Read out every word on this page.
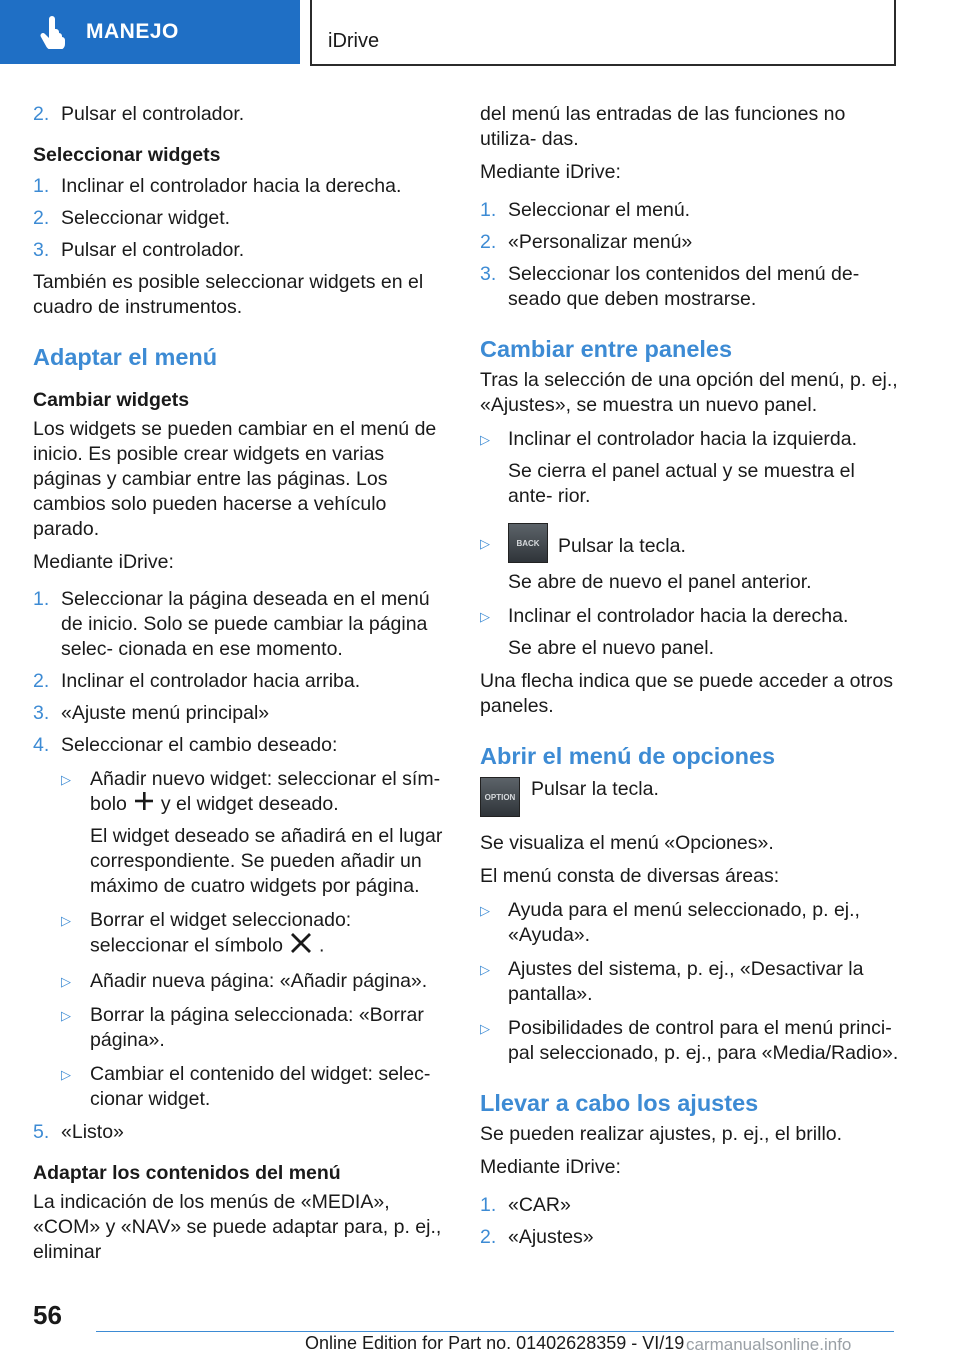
MANEJO	iDrive
2. Pulsar el controlador.
Seleccionar widgets
1. Inclinar el controlador hacia la derecha.
2. Seleccionar widget.
3. Pulsar el controlador.

También es posible seleccionar widgets en el cuadro de instrumentos.

Adaptar el menú
Cambiar widgets

Los widgets se pueden cambiar en el menú de inicio. Es posible crear widgets en varias páginas y cambiar entre las páginas. Los cambios solo pueden hacerse a vehículo parado.

Mediante iDrive:

1. Seleccionar la página deseada en el menú de inicio. Solo se puede cambiar la página selec‐ cionada en ese momento.
2. Inclinar el controlador hacia arriba.
3. «Ajuste menú principal»
4. Seleccionar el cambio deseado:
▷ Añadir nuevo widget: seleccionar el sím‐ bolo y el widget deseado.
El widget deseado se añadirá en el lugar correspondiente. Se pueden añadir un máximo de cuatro widgets por página.
▷ Borrar el widget seleccionado: seleccionar el símbolo .
▷ Añadir nueva página: «Añadir página».
▷ Borrar la página seleccionada: «Borrar página».
▷ Cambiar el contenido del widget: selec‐ cionar widget.
5. «Listo»
Adaptar los contenidos del menú

La indicación de los menús de «MEDIA», «COM» y «NAV» se puede adaptar para, p. ej., eliminar

del menú las entradas de las funciones no utiliza‐ das.

Mediante iDrive:

1. Seleccionar el menú.
2. «Personalizar menú»
3. Seleccionar los contenidos del menú de‐ seado que deben mostrarse.
Cambiar entre paneles

Tras la selección de una opción del menú, p. ej., «Ajustes», se muestra un nuevo panel.

▷ Inclinar el controlador hacia la izquierda.
Se cierra el panel actual y se muestra el ante‐ rior.
▷	BACK Pulsar la tecla.
Se abre de nuevo el panel anterior.
▷ Inclinar el controlador hacia la derecha.
Se abre el nuevo panel.

Una flecha indica que se puede acceder a otros paneles.

Abrir el menú de opciones
OPTION Pulsar la tecla.

Se visualiza el menú «Opciones».

El menú consta de diversas áreas:

▷ Ayuda para el menú seleccionado, p. ej., «Ayuda».
▷ Ajustes del sistema, p. ej., «Desactivar la pantalla».
▷ Posibilidades de control para el menú princi‐ pal seleccionado, p. ej., para «Media/Radio».
Llevar a cabo los ajustes

Se pueden realizar ajustes, p. ej., el brillo.

Mediante iDrive:

1. «CAR»
2. «Ajustes»
56
Online Edition for Part no. 01402628359 - VI/19 carmanualsonline.info
